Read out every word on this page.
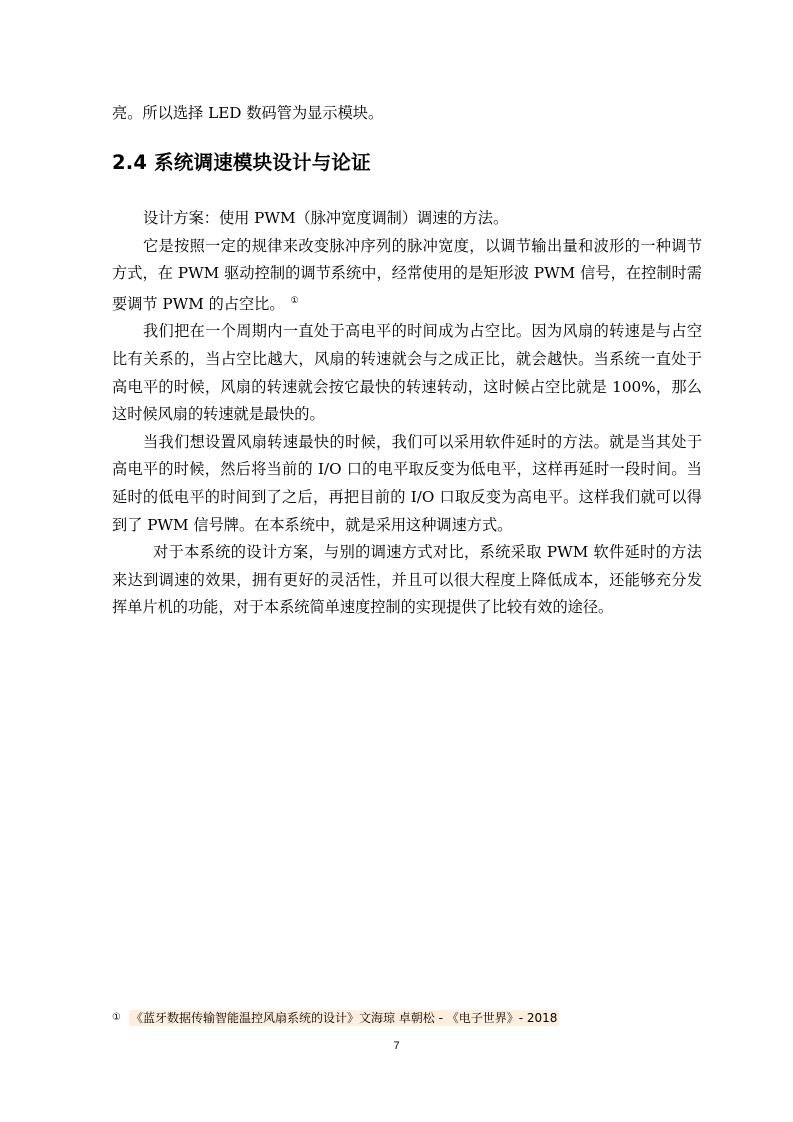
亮。所以选择 LED 数码管为显示模块。

2.4 系统调速模块设计与论证

设计方案：使用 PWM（脉冲宽度调制）调速的方法。

它是按照一定的规律来改变脉冲序列的脉冲宽度，以调节输出量和波形的一种调节方式，在 PWM 驱动控制的调节系统中，经常使用的是矩形波 PWM 信号，在控制时需要调节 PWM 的占空比。 ①

我们把在一个周期内一直处于高电平的时间成为占空比。因为风扇的转速是与占空比有关系的，当占空比越大，风扇的转速就会与之成正比，就会越快。当系统一直处于高电平的时候，风扇的转速就会按它最快的转速转动，这时候占空比就是 100%，那么这时候风扇的转速就是最快的。

当我们想设置风扇转速最快的时候，我们可以采用软件延时的方法。就是当其处于高电平的时候，然后将当前的 I/O 口的电平取反变为低电平，这样再延时一段时间。当延时的低电平的时间到了之后，再把目前的 I/O 口取反变为高电平。这样我们就可以得到了 PWM 信号牌。在本系统中，就是采用这种调速方式。

对于本系统的设计方案，与别的调速方式对比，系统采取 PWM 软件延时的方法来达到调速的效果，拥有更好的灵活性，并且可以很大程度上降低成本，还能够充分发挥单片机的功能，对于本系统简单速度控制的实现提供了比较有效的途径。

① 《蓝牙数据传输智能温控风扇系统的设计》文海琼 卓朝松 - 《电子世界》- 2018
7
